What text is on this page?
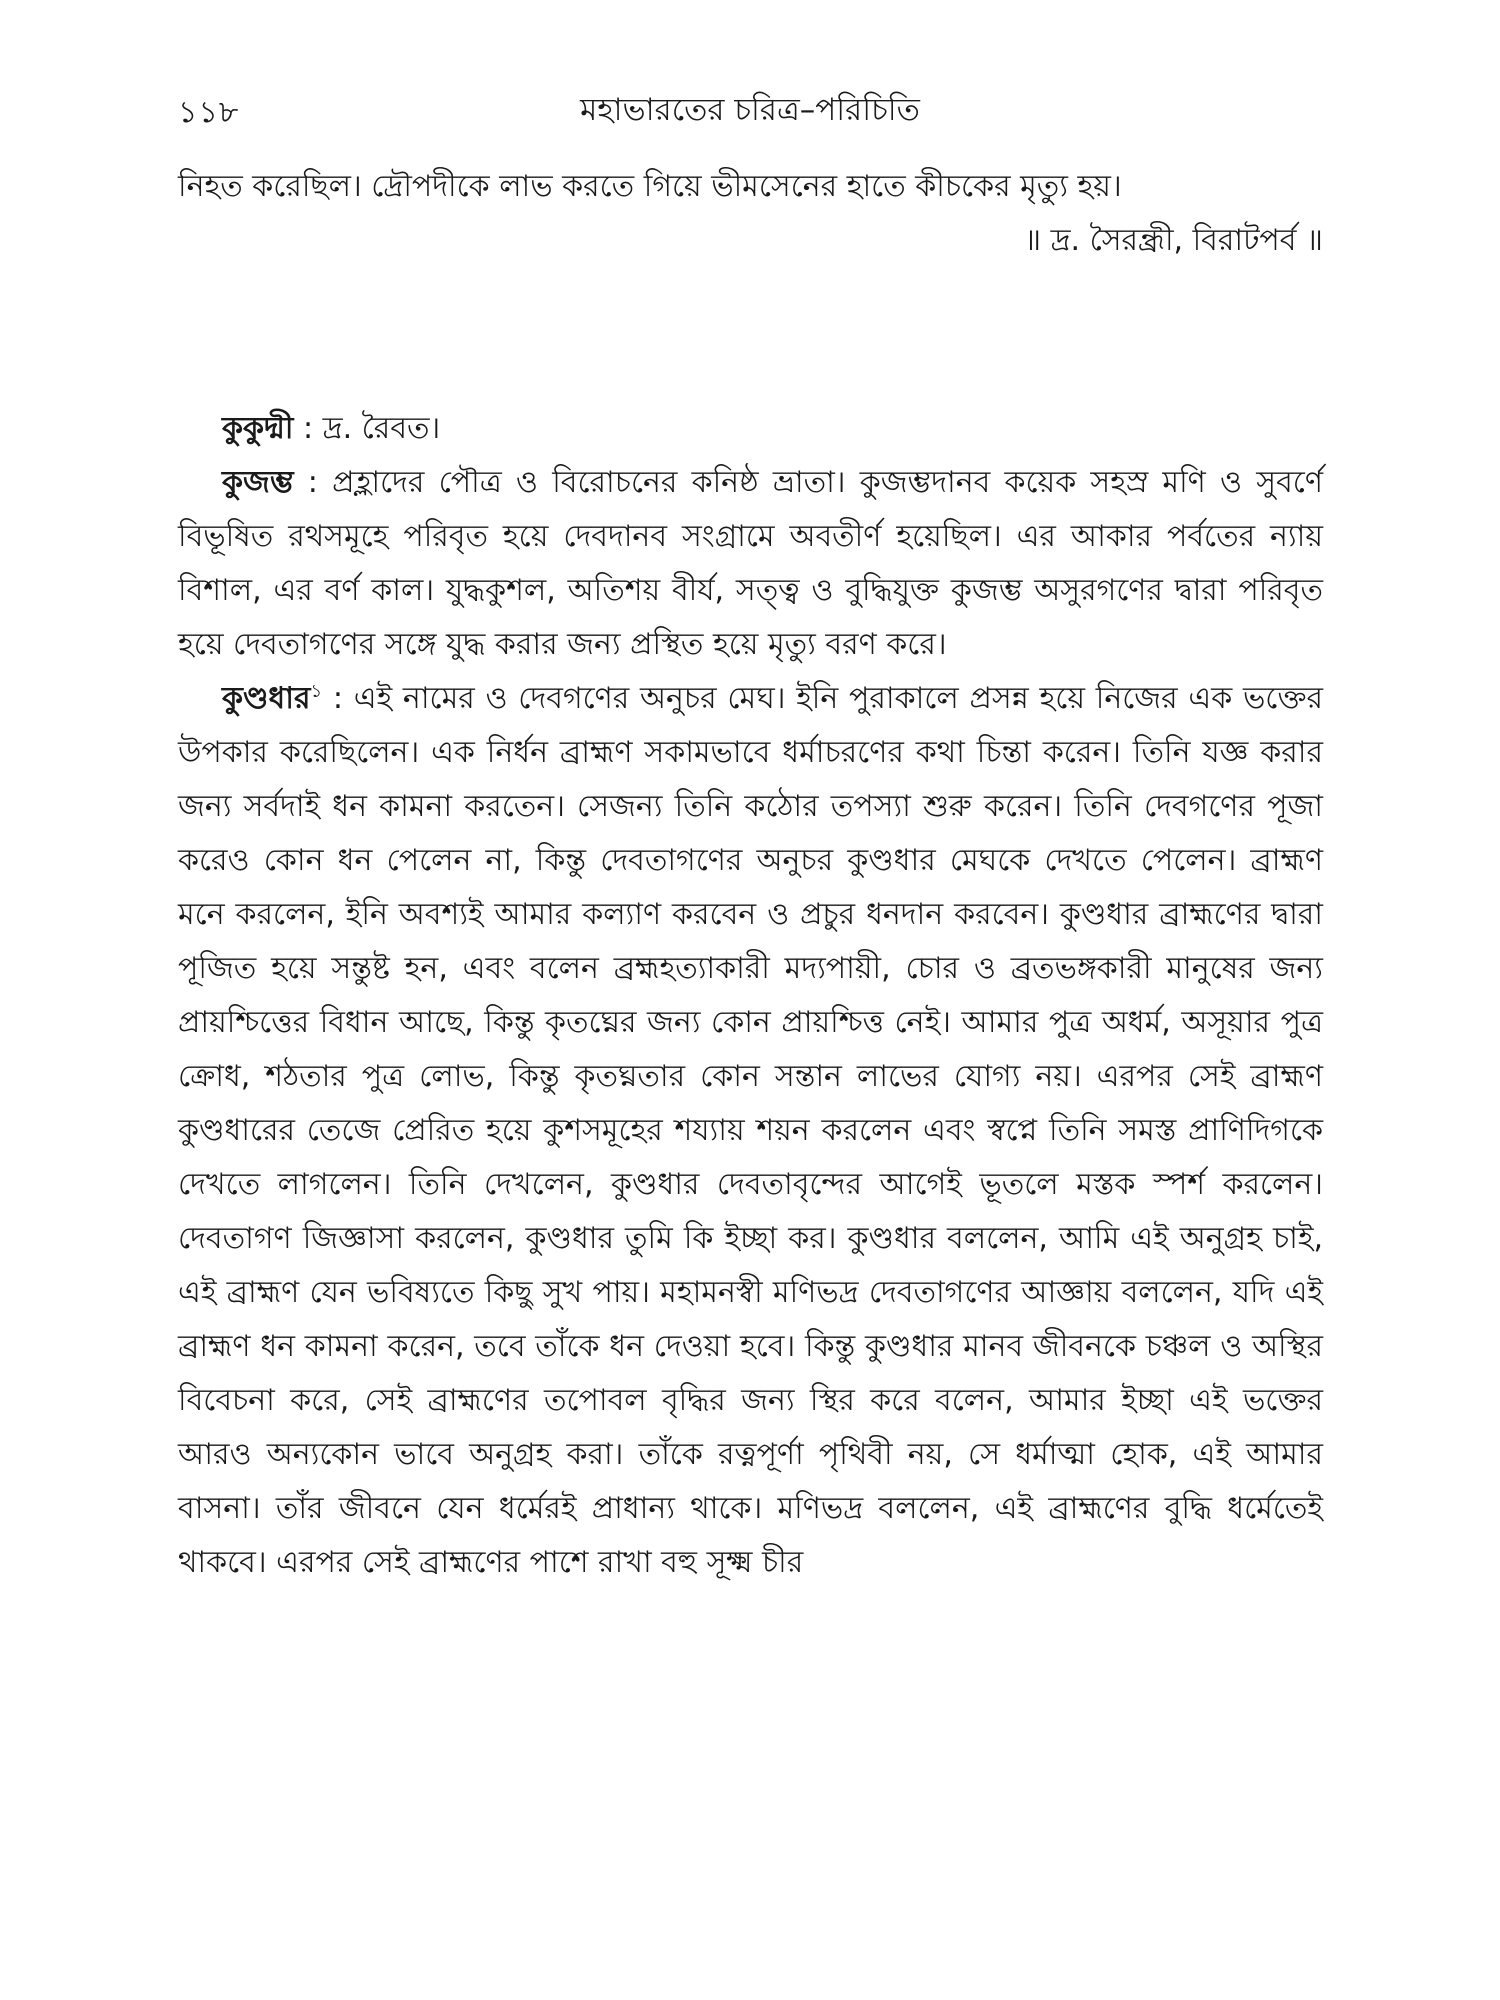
১১৮	মহাভারতের চরিত্র–পরিচিতি

নিহত করেছিল। দ্রৌপদীকে লাভ করতে গিয়ে ভীমসেনের হাতে কীচকের মৃত্যু হয়।

॥ দ্র. সৈরন্ধ্রী, বিরাটপর্ব ॥

কুকুদ্মী : দ্র. রৈবত।

কুজম্ভ : প্রহ্লাদের পৌত্র ও বিরোচনের কনিষ্ঠ ভ্রাতা। কুজম্ভদানব কয়েক সহস্র মণি ও সুবর্ণে বিভূষিত রথসমূহে পরিবৃত হয়ে দেবদানব সংগ্রামে অবতীর্ণ হয়েছিল। এর আকার পর্বতের ন্যায় বিশাল, এর বর্ণ কাল। যুদ্ধকুশল, অতিশয় বীর্য, সত্ত্ব ও বুদ্ধিযুক্ত কুজম্ভ অসুরগণের দ্বারা পরিবৃত হয়ে দেবতাগণের সঙ্গে যুদ্ধ করার জন্য প্রস্থিত হয়ে মৃত্যু বরণ করে।

কুণ্ডধার$^১$ : এই নামের ও দেবগণের অনুচর মেঘ। ইনি পুরাকালে প্রসন্ন হয়ে নিজের এক ভক্তের উপকার করেছিলেন। এক নির্ধন ব্রাহ্মণ সকামভাবে ধর্মাচরণের কথা চিন্তা করেন। তিনি যজ্ঞ করার জন্য সর্বদাই ধন কামনা করতেন। সেজন্য তিনি কঠোর তপস্যা শুরু করেন। তিনি দেবগণের পূজা করেও কোন ধন পেলেন না, কিন্তু দেবতাগণের অনুচর কুণ্ডধার মেঘকে দেখতে পেলেন। ব্রাহ্মণ মনে করলেন, ইনি অবশ্যই আমার কল্যাণ করবেন ও প্রচুর ধনদান করবেন। কুণ্ডধার ব্রাহ্মণের দ্বারা পূজিত হয়ে সন্তুষ্ট হন, এবং বলেন ব্রহ্মহত্যাকারী মদ্যপায়ী, চোর ও ব্রতভঙ্গকারী মানুষের জন্য প্রায়শ্চিত্তের বিধান আছে, কিন্তু কৃতঘ্নের জন্য কোন প্রায়শ্চিত্ত নেই। আমার পুত্র অধর্ম, অসূয়ার পুত্র ক্রোধ, শঠতার পুত্র লোভ, কিন্তু কৃতঘ্নতার কোন সন্তান লাভের যোগ্য নয়। এরপর সেই ব্রাহ্মণ কুণ্ডধারের তেজে প্রেরিত হয়ে কুশসমূহের শয্যায় শয়ন করলেন এবং স্বপ্নে তিনি সমস্ত প্রাণিদিগকে দেখতে লাগলেন। তিনি দেখলেন, কুণ্ডধার দেবতাবৃন্দের আগেই ভূতলে মস্তক স্পর্শ করলেন। দেবতাগণ জিজ্ঞাসা করলেন, কুণ্ডধার তুমি কি ইচ্ছা কর। কুণ্ডধার বললেন, আমি এই অনুগ্রহ চাই, এই ব্রাহ্মণ যেন ভবিষ্যতে কিছু সুখ পায়। মহামনস্বী মণিভদ্র দেবতাগণের আজ্ঞায় বললেন, যদি এই ব্রাহ্মণ ধন কামনা করেন, তবে তাঁকে ধন দেওয়া হবে। কিন্তু কুণ্ডধার মানব জীবনকে চঞ্চল ও অস্থির বিবেচনা করে, সেই ব্রাহ্মণের তপোবল বৃদ্ধির জন্য স্থির করে বলেন, আমার ইচ্ছা এই ভক্তের আরও অন্যকোন ভাবে অনুগ্রহ করা। তাঁকে রত্নপূর্ণা পৃথিবী নয়, সে ধর্মাত্মা হোক, এই আমার বাসনা। তাঁর জীবনে যেন ধর্মেরই প্রাধান্য থাকে। মণিভদ্র বললেন, এই ব্রাহ্মণের বুদ্ধি ধর্মেতেই থাকবে। এরপর সেই ব্রাহ্মণের পাশে রাখা বহু সূক্ষ্ম চীর
